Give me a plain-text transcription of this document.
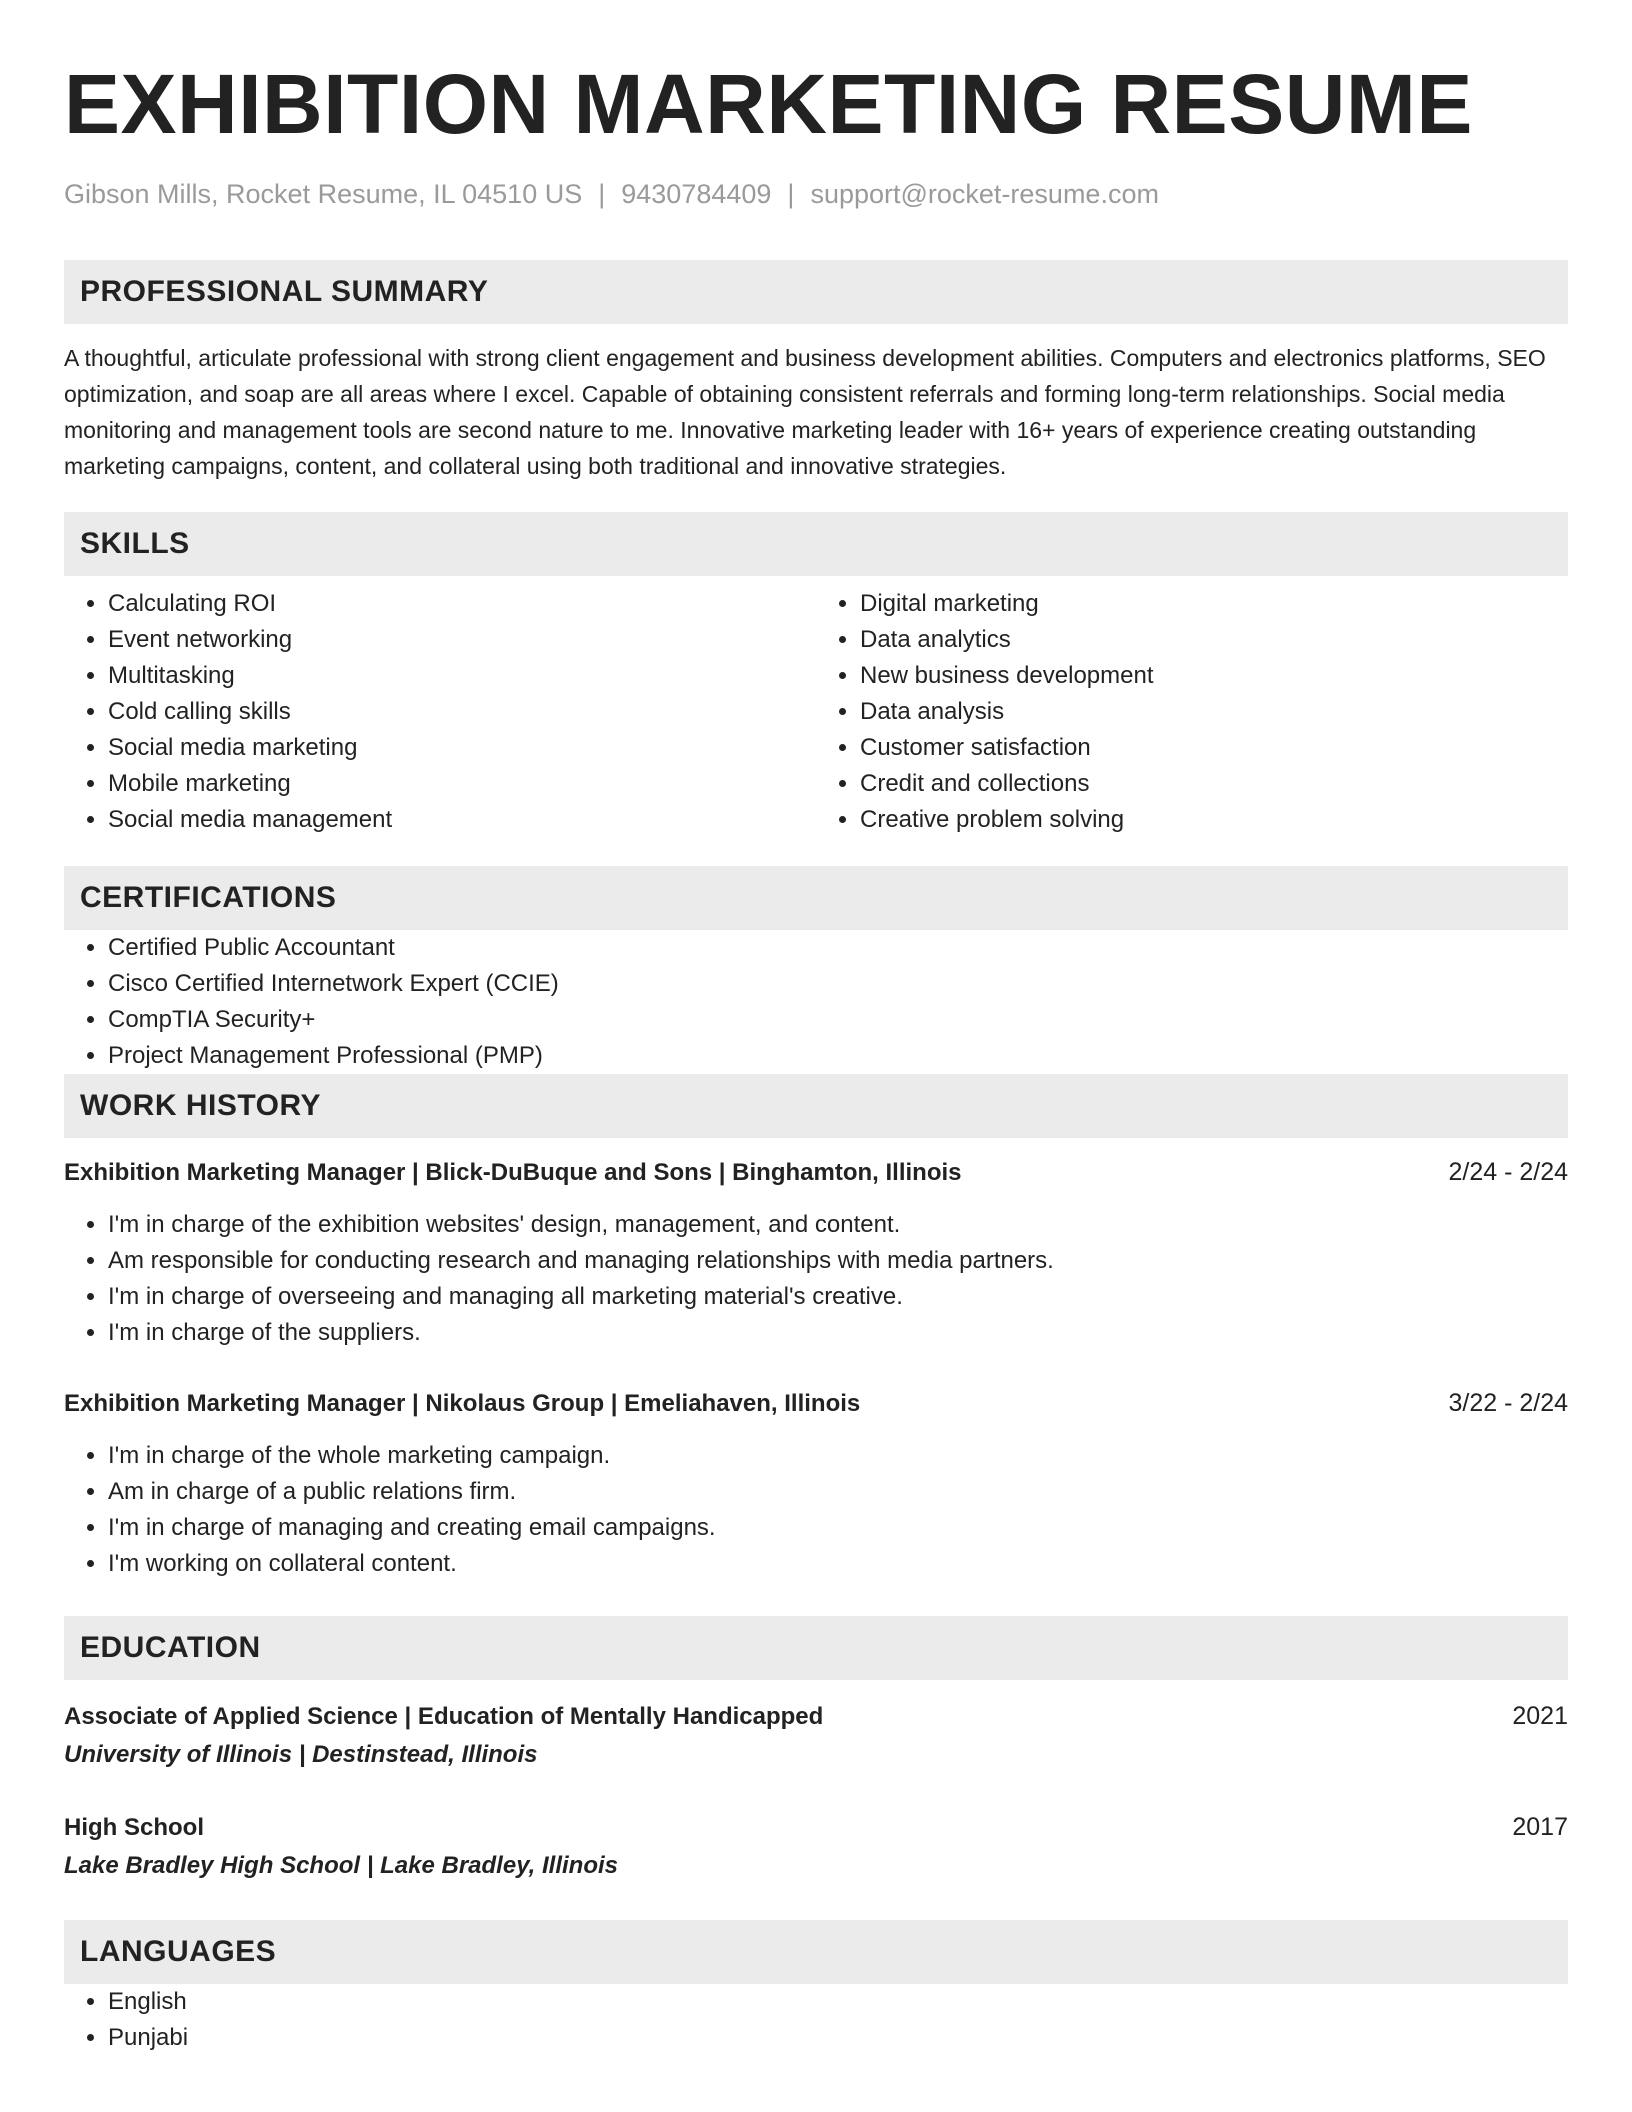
EXHIBITION MARKETING RESUME
Gibson Mills, Rocket Resume, IL 04510 US | 9430784409 | support@rocket-resume.com
PROFESSIONAL SUMMARY

A thoughtful, articulate professional with strong client engagement and business development abilities. Computers and electronics platforms, SEO optimization, and soap are all areas where I excel. Capable of obtaining consistent referrals and forming long-term relationships. Social media monitoring and management tools are second nature to me. Innovative marketing leader with 16+ years of experience creating outstanding marketing campaigns, content, and collateral using both traditional and innovative strategies.

SKILLS
• Calculating ROI
• Event networking
• Multitasking
• Cold calling skills
• Social media marketing
• Mobile marketing
• Social media management
• Digital marketing
• Data analytics
• New business development
• Data analysis
• Customer satisfaction
• Credit and collections
• Creative problem solving
CERTIFICATIONS
• Certified Public Accountant
• Cisco Certified Internetwork Expert (CCIE)
• CompTIA Security+
• Project Management Professional (PMP)
WORK HISTORY
Exhibition Marketing Manager | Blick-DuBuque and Sons | Binghamton, Illinois	2/24 - 2/24
• I'm in charge of the exhibition websites' design, management, and content.
• Am responsible for conducting research and managing relationships with media partners.
• I'm in charge of overseeing and managing all marketing material's creative.
• I'm in charge of the suppliers.
Exhibition Marketing Manager | Nikolaus Group | Emeliahaven, Illinois	3/22 - 2/24
• I'm in charge of the whole marketing campaign.
• Am in charge of a public relations firm.
• I'm in charge of managing and creating email campaigns.
• I'm working on collateral content.
EDUCATION
Associate of Applied Science | Education of Mentally Handicapped	2021
University of Illinois | Destinstead, Illinois
High School	2017
Lake Bradley High School | Lake Bradley, Illinois
LANGUAGES
• English
• Punjabi
